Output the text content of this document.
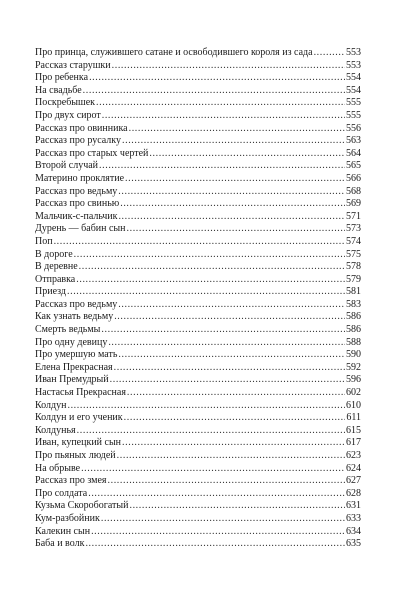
Про принца, служившего сатане и освободившего короля из сада .....	553
Рассказ старушки .....	553
Про ребенка .....	554
На свадьбе .....	554
Поскребышек .....	555
Про двух сирот .....	555
Рассказ про овинника .....	556
Рассказ про русалку .....	563
Рассказ про старых чертей .....	564
Второй случай .....	565
Материно проклятие .....	566
Рассказ про ведьму .....	568
Рассказ про свинью .....	569
Мальчик-с-пальчик .....	571
Дурень — бабин сын .....	573
Поп .....	574
В дороге .....	575
В деревне .....	578
Отправка .....	579
Приезд .....	581
Рассказ про ведьму .....	583
Как узнать ведьму .....	586
Смерть ведьмы .....	586
Про одну девицу .....	588
Про умершую мать .....	590
Елена Прекрасная .....	592
Иван Премудрый .....	596
Настасья Прекрасная .....	602
Колдун .....	610
Колдун и его ученик .....	611
Колдунья .....	615
Иван, купецкий сын .....	617
Про пьяных людей .....	623
На обрыве .....	624
Рассказ про змея .....	627
Про солдата .....	628
Кузьма Скоробогатый .....	631
Кум-разбойник .....	633
Калекин сын .....	634
Баба и волк .....	635
